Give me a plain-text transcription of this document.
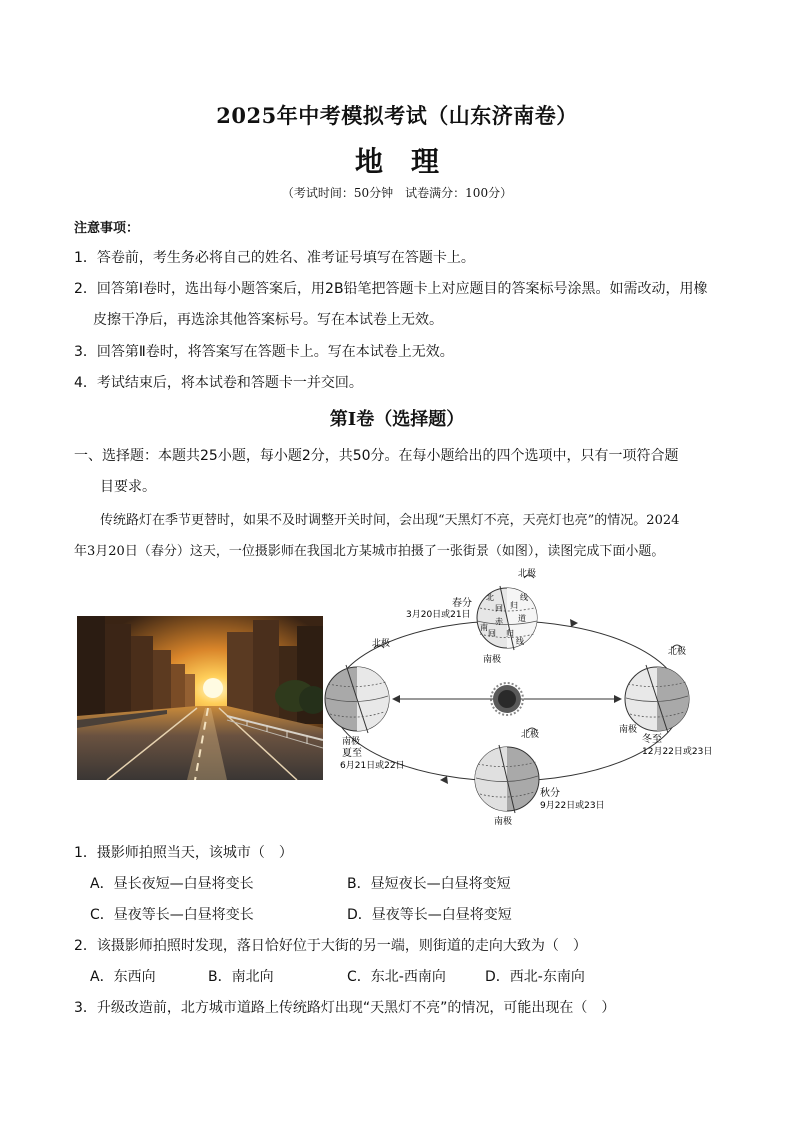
2025年中考模拟考试（山东济南卷）
地理
（考试时间：50分钟　试卷满分：100分）
注意事项：
1．答卷前，考生务必将自己的姓名、准考证号填写在答题卡上。
2．回答第Ⅰ卷时，选出每小题答案后，用2B铅笔把答题卡上对应题目的答案标号涂黑。如需改动，用橡
皮擦干净后，再选涂其他答案标号。写在本试卷上无效。
3．回答第Ⅱ卷时，将答案写在答题卡上。写在本试卷上无效。
4．考试结束后，将本试卷和答题卡一并交回。
第Ⅰ卷（选择题）
一、选择题：本题共25小题，每小题2分，共50分。在每小题给出的四个选项中，只有一项符合题
目要求。
传统路灯在季节更替时，如果不及时调整开关时间，会出现“天黑灯不亮，天亮灯也亮”的情况。2024
年3月20日（春分）这天，一位摄影师在我国北方某城市拍摄了一张街景（如图），读图完成下面小题。
北极
南极
春分
3月20日或21日
北极
南极
夏至
6月21日或22日
北极
南极
冬至
12月22日或23日
北极
秋分
9月22日或23日
南极
北
回 归
线
赤 道
南
回 归
线
1．摄影师拍照当天，该城市（　）
A．昼长夜短—白昼将变长	B．昼短夜长—白昼将变短
C．昼夜等长—白昼将变长	D．昼夜等长—白昼将变短
2．该摄影师拍照时发现，落日恰好位于大街的另一端，则街道的走向大致为（　）
A．东西向	B．南北向	C．东北-西南向	D．西北-东南向
3．升级改造前，北方城市道路上传统路灯出现“天黑灯不亮”的情况，可能出现在（　）
